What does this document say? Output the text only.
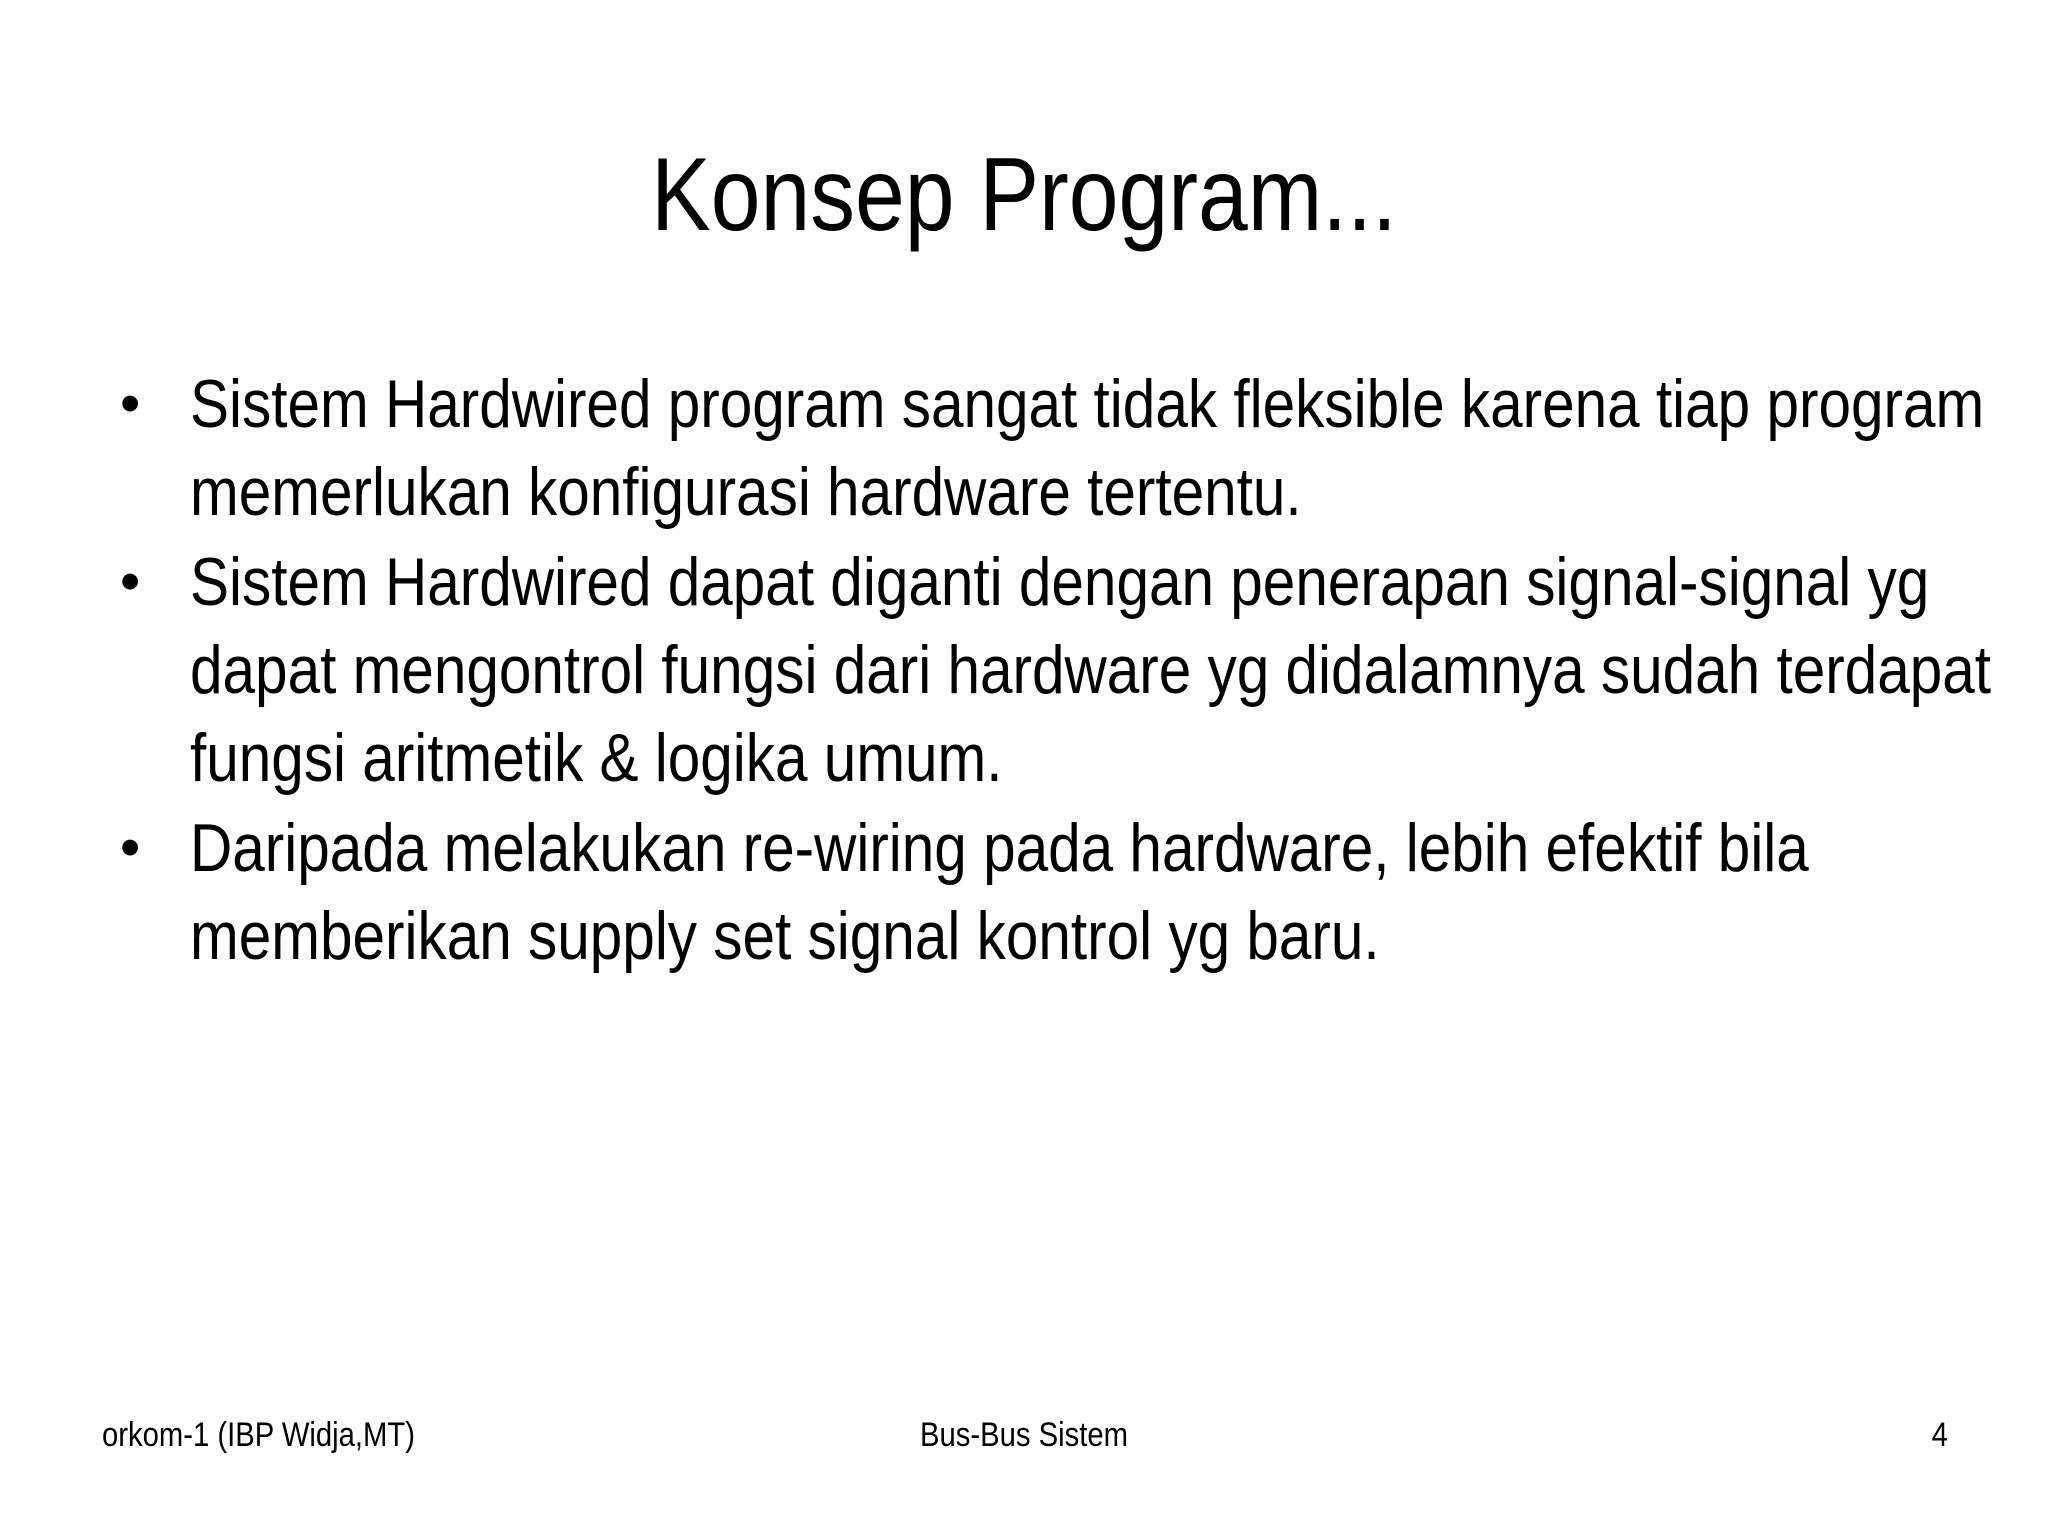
Konsep Program...
• Sistem Hardwired program sangat tidak fleksible karena tiap program memerlukan konfigurasi hardware tertentu.
• Sistem Hardwired dapat diganti dengan penerapan signal-signal yg dapat mengontrol fungsi dari hardware yg didalamnya sudah terdapat fungsi aritmetik & logika umum.
• Daripada melakukan re-wiring pada hardware, lebih efektif bila memberikan supply set signal kontrol yg baru.
orkom-1 (IBP Widja,MT)	Bus-Bus Sistem	4
